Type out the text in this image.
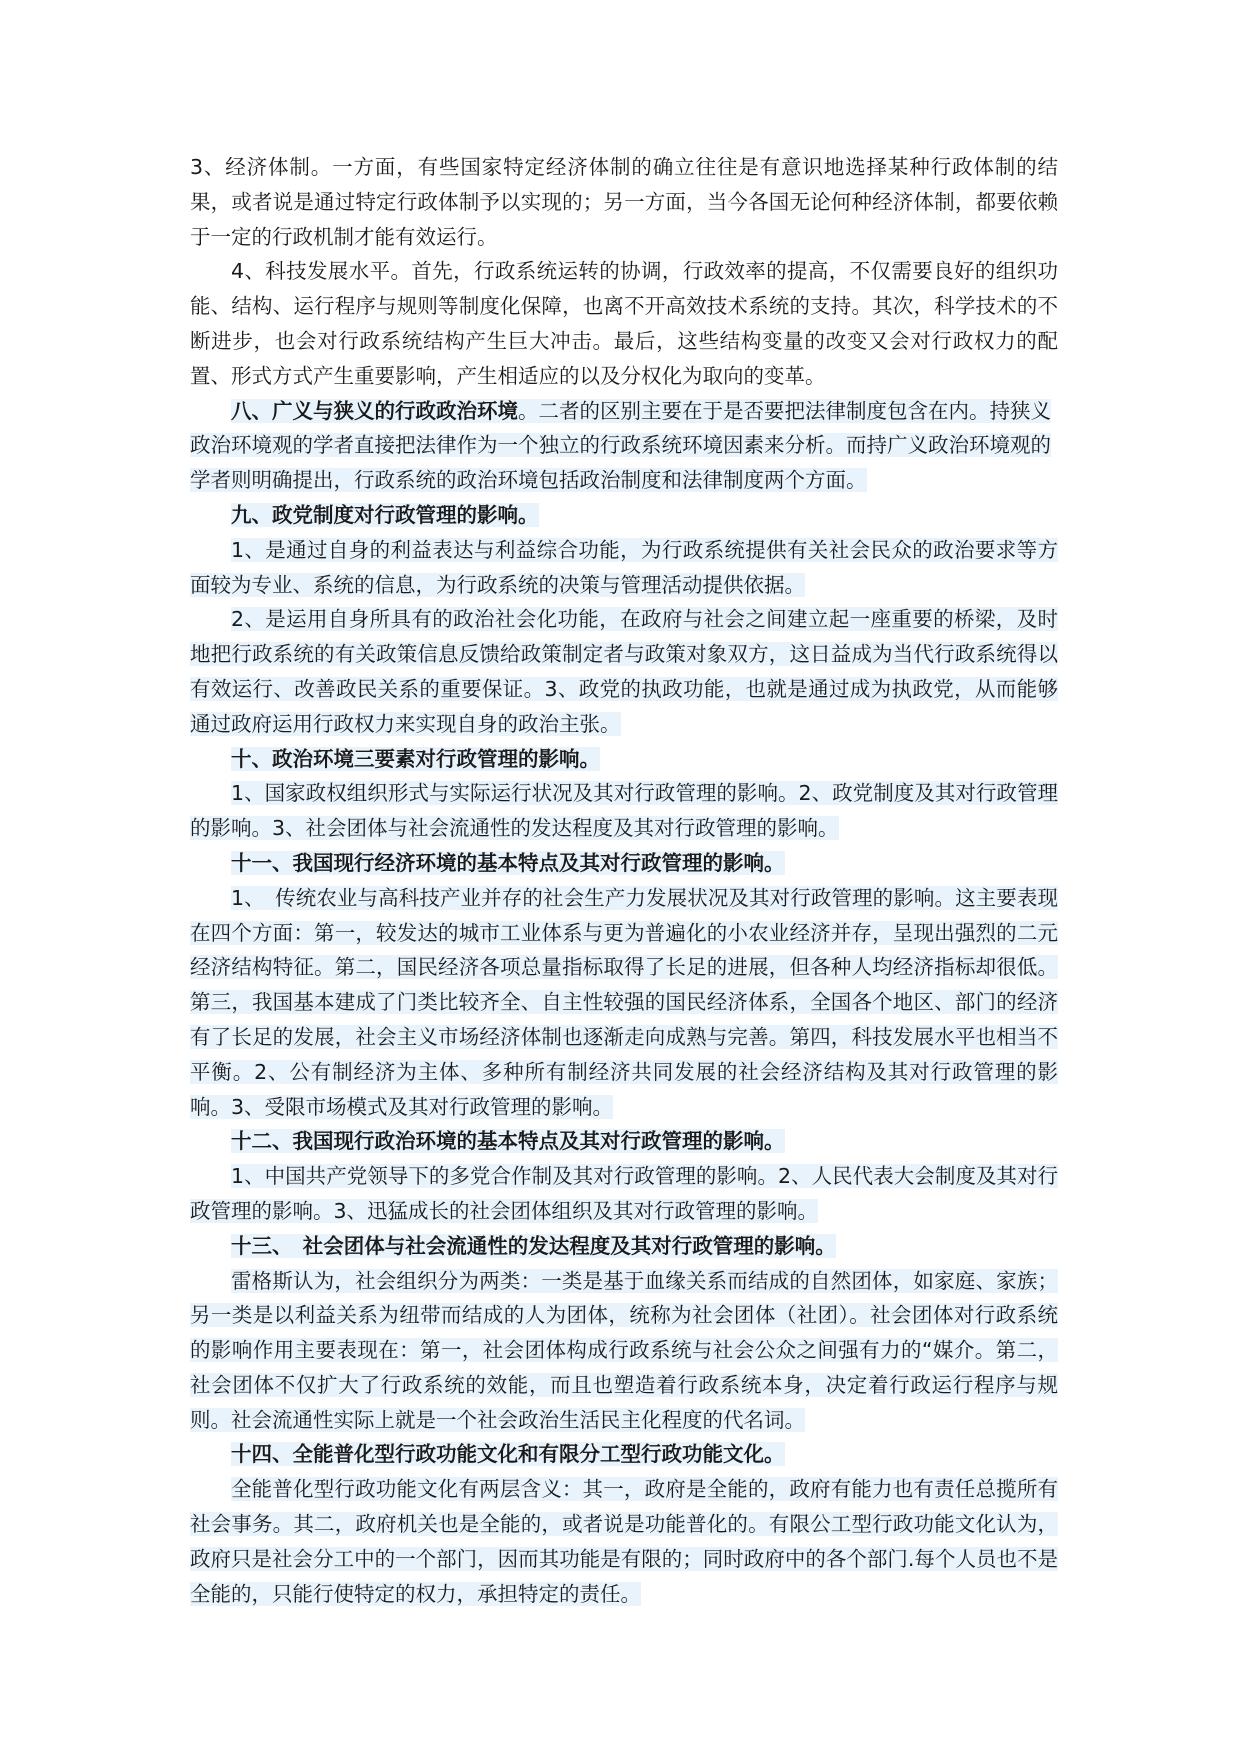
3、经济体制。一方面，有些国家特定经济体制的确立往往是有意识地选择某种行政体制的结果，或者说是通过特定行政体制予以实现的；另一方面，当今各国无论何种经济体制，都要依赖于一定的行政机制才能有效运行。

4、科技发展水平。首先，行政系统运转的协调，行政效率的提高，不仅需要良好的组织功能、结构、运行程序与规则等制度化保障，也离不开高效技术系统的支持。其次，科学技术的不断进步，也会对行政系统结构产生巨大冲击。最后，这些结构变量的改变又会对行政权力的配置、形式方式产生重要影响，产生相适应的以及分权化为取向的变革。

八、广义与狭义的行政政治环境。二者的区别主要在于是否要把法律制度包含在内。持狭义政治环境观的学者直接把法律作为一个独立的行政系统环境因素来分析。而持广义政治环境观的学者则明确提出，行政系统的政治环境包括政治制度和法律制度两个方面。

九、政党制度对行政管理的影响。

1、是通过自身的利益表达与利益综合功能，为行政系统提供有关社会民众的政治要求等方面较为专业、系统的信息，为行政系统的决策与管理活动提供依据。

2、是运用自身所具有的政治社会化功能，在政府与社会之间建立起一座重要的桥梁，及时地把行政系统的有关政策信息反馈给政策制定者与政策对象双方，这日益成为当代行政系统得以有效运行、改善政民关系的重要保证。3、政党的执政功能，也就是通过成为执政党，从而能够通过政府运用行政权力来实现自身的政治主张。

十、政治环境三要素对行政管理的影响。

1、国家政权组织形式与实际运行状况及其对行政管理的影响。2、政党制度及其对行政管理的影响。3、社会团体与社会流通性的发达程度及其对行政管理的影响。

十一、我国现行经济环境的基本特点及其对行政管理的影响。

1、　传统农业与高科技产业并存的社会生产力发展状况及其对行政管理的影响。这主要表现在四个方面：第一，较发达的城市工业体系与更为普遍化的小农业经济并存，呈现出强烈的二元经济结构特征。第二，国民经济各项总量指标取得了长足的进展，但各种人均经济指标却很低。第三，我国基本建成了门类比较齐全、自主性较强的国民经济体系，全国各个地区、部门的经济有了长足的发展，社会主义市场经济体制也逐渐走向成熟与完善。第四，科技发展水平也相当不平衡。2、公有制经济为主体、多种所有制经济共同发展的社会经济结构及其对行政管理的影响。3、受限市场模式及其对行政管理的影响。

十二、我国现行政治环境的基本特点及其对行政管理的影响。

1、中国共产党领导下的多党合作制及其对行政管理的影响。2、人民代表大会制度及其对行政管理的影响。3、迅猛成长的社会团体组织及其对行政管理的影响。

十三、　社会团体与社会流通性的发达程度及其对行政管理的影响。

雷格斯认为，社会组织分为两类：一类是基于血缘关系而结成的自然团体，如家庭、家族；另一类是以利益关系为纽带而结成的人为团体，统称为社会团体（社团）。社会团体对行政系统的影响作用主要表现在：第一，社会团体构成行政系统与社会公众之间强有力的“媒介。第二，社会团体不仅扩大了行政系统的效能，而且也塑造着行政系统本身，决定着行政运行程序与规则。社会流通性实际上就是一个社会政治生活民主化程度的代名词。

十四、全能普化型行政功能文化和有限分工型行政功能文化。

全能普化型行政功能文化有两层含义：其一，政府是全能的，政府有能力也有责任总揽所有社会事务。其二，政府机关也是全能的，或者说是功能普化的。有限公工型行政功能文化认为，政府只是社会分工中的一个部门，因而其功能是有限的；同时政府中的各个部门.每个人员也不是全能的，只能行使特定的权力，承担特定的责任。
